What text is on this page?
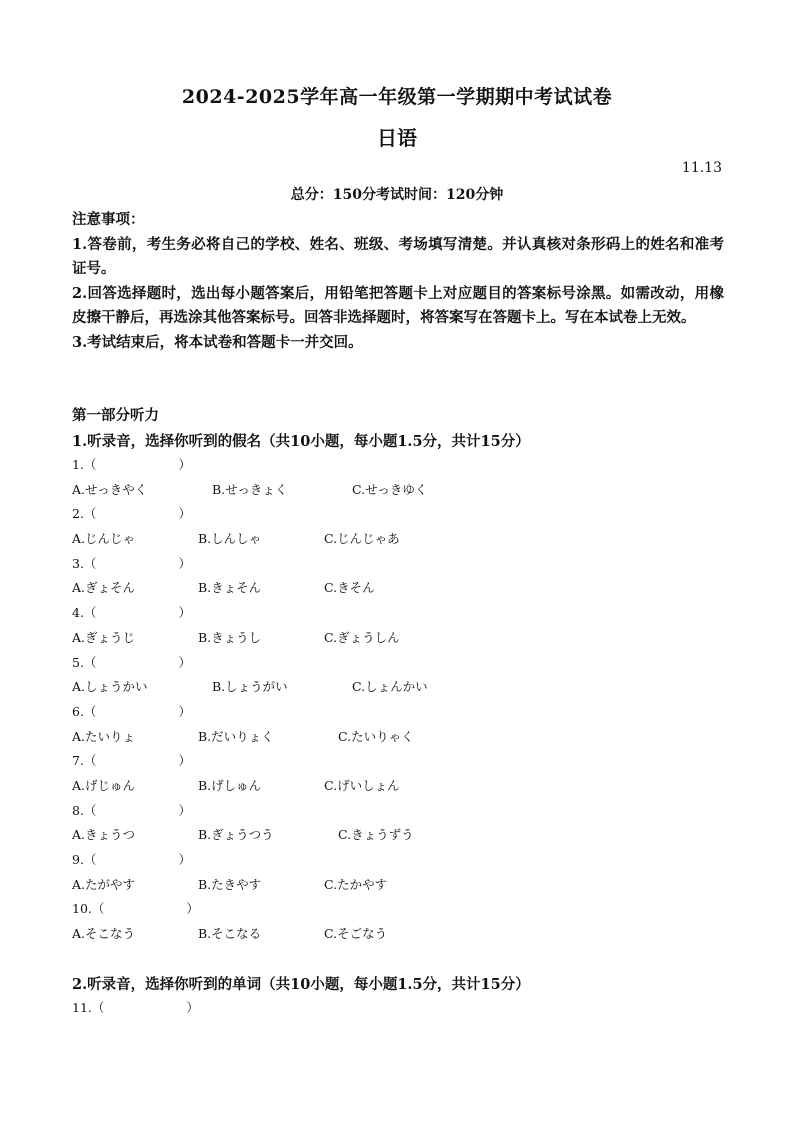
2024-2025学年高一年级第一学期期中考试试卷
日语
11.13
总分：150分考试时间：120分钟

注意事项：

1.答卷前，考生务必将自己的学校、姓名、班级、考场填写清楚。并认真核对条形码上的姓名和准考证号。

2.回答选择题时，选出每小题答案后，用铅笔把答题卡上对应题目的答案标号涂黑。如需改动，用橡皮擦干静后，再选涂其他答案标号。回答非选择题时，将答案写在答题卡上。写在本试卷上无效。

3.考试结束后，将本试卷和答题卡一并交回。

第一部分听力
1.听录音，选择你听到的假名（共10小题，每小题1.5分，共计15分）
1.（	）
A.せっきやく	B.せっきょく	C.せっきゆく
2.（	）
A.じんじゃ	B.しんしゃ	C.じんじゃあ
3.（	）
A.ぎょそん	B.きょそん	C.きそん
4.（	）
A.ぎょうじ	B.きょうし	C.ぎょうしん
5.（	）
A.しょうかい	B.しょうがい	C.しょんかい
6.（	）
A.たいりょ	B.だいりょく	C.たいりゃく
7.（	）
A.げじゅん	B.げしゅん	C.げいしょん
8.（	）
A.きょうつ	B.ぎょうつう	C.きょうずう
9.（	）
A.たがやす	B.たきやす	C.たかやす
10.（	）
A.そこなう	B.そこなる	C.そごなう
2.听录音，选择你听到的单词（共10小题，每小题1.5分，共计15分）
11.（	）
